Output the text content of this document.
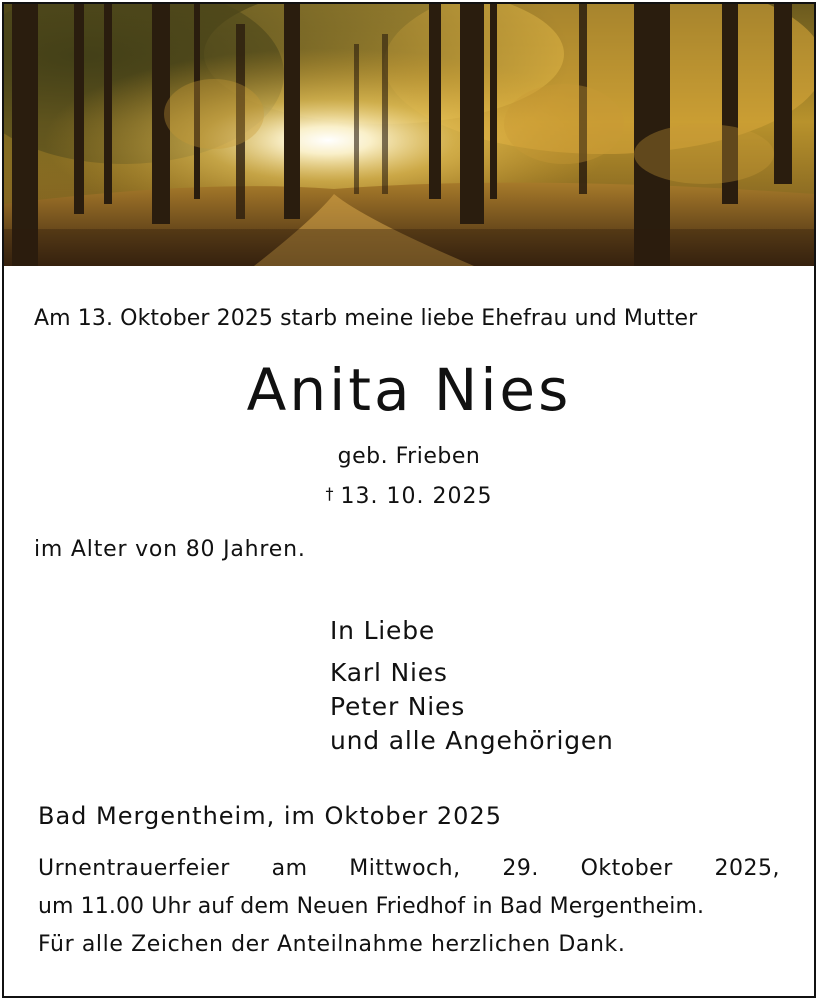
Am 13. Oktober 2025 starb meine liebe Ehefrau und Mutter
Anita Nies
geb. Frieben
† 13. 10. 2025
im Alter von 80 Jahren.
In Liebe
Karl Nies
Peter Nies
und alle Angehörigen
Bad Mergentheim, im Oktober 2025
Urnentrauerfeier am Mittwoch, 29. Oktober 2025,
um 11.00 Uhr auf dem Neuen Friedhof in Bad Mergentheim.
Für alle Zeichen der Anteilnahme herzlichen Dank.
